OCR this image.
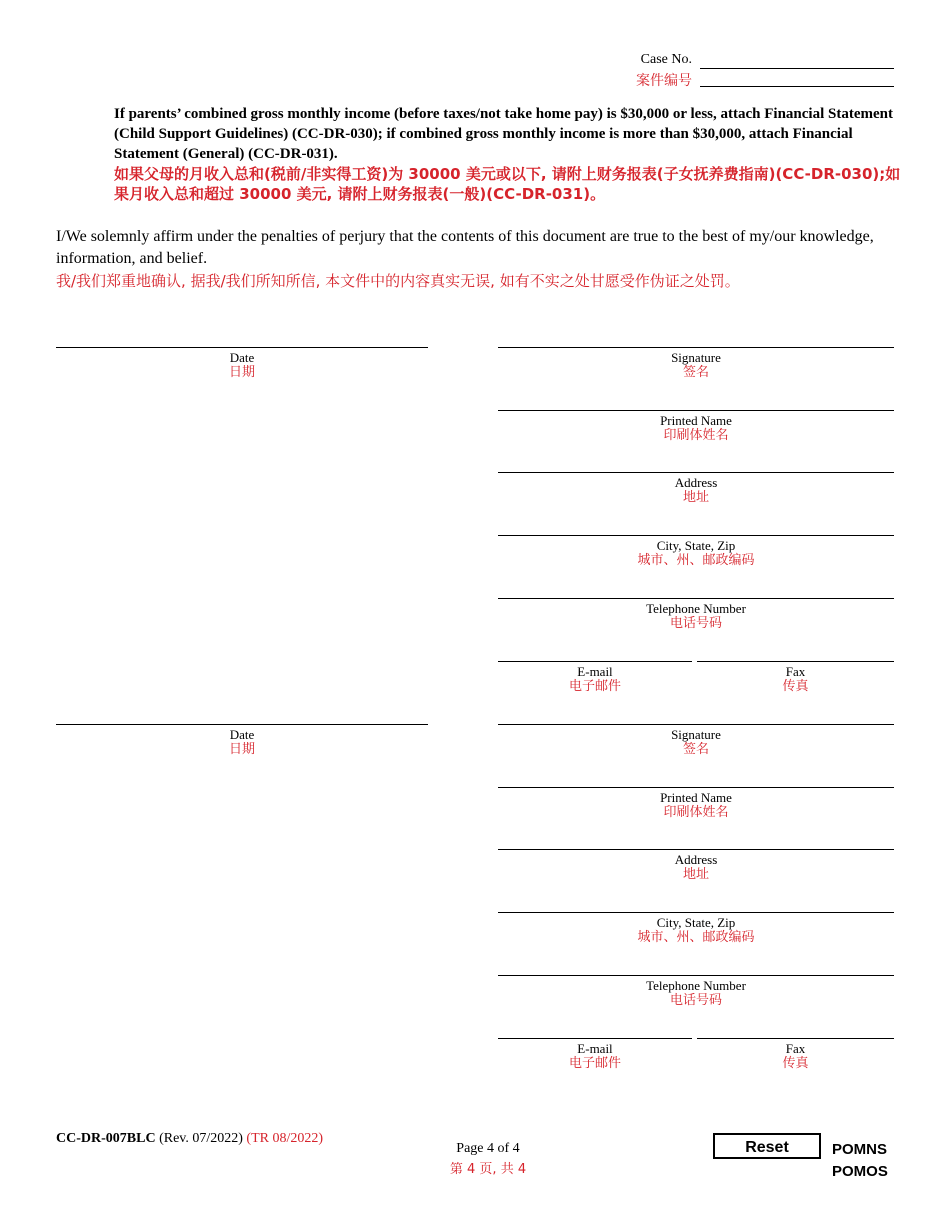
Case No.
案件编号
If parents’ combined gross monthly income (before taxes/not take home pay) is $30,000 or less, attach Financial Statement (Child Support Guidelines) (CC-DR-030); if combined gross monthly income is more than $30,000, attach Financial Statement (General) (CC-DR-031).
如果父母的月收入总和(税前/非实得工资)为 30000 美元或以下, 请附上财务报表(子女抚养费指南)(CC-DR-030);如果月收入总和超过 30000 美元, 请附上财务报表(一般)(CC-DR-031)。
I/We solemnly affirm under the penalties of perjury that the contents of this document are true to the best of my/our knowledge, information, and belief.
我/我们郑重地确认, 据我/我们所知所信, 本文件中的内容真实无误, 如有不实之处甘愿受作伪证之处罚。
Date
日期
Signature
签名
Printed Name
印刷体姓名
Address
地址
City, State, Zip
城市、州、邮政编码
Telephone Number
电话号码
E-mail
电子邮件
Fax
传真
Date
日期
Signature
签名
Printed Name
印刷体姓名
Address
地址
City, State, Zip
城市、州、邮政编码
Telephone Number
电话号码
E-mail
电子邮件
Fax
传真
CC-DR-007BLC (Rev. 07/2022) (TR 08/2022)
Page 4 of 4
第 4 页, 共 4
Reset	POMNS
POMOS
